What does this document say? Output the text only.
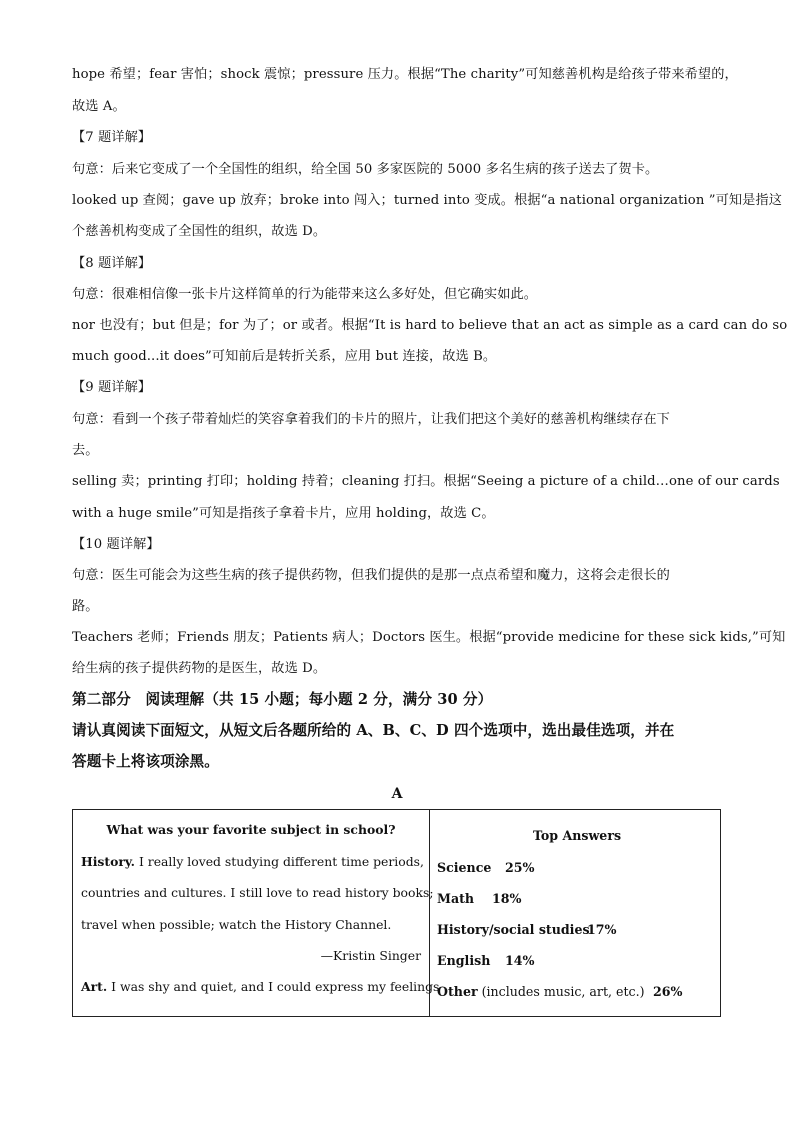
hope 希望；fear 害怕；shock 震惊；pressure 压力。根据“The charity”可知慈善机构是给孩子带来希望的，
故选 A。
【7 题详解】
句意：后来它变成了一个全国性的组织，给全国 50 多家医院的 5000 多名生病的孩子送去了贺卡。
looked up 查阅；gave up 放弃；broke into 闯入；turned into 变成。根据“a national organization ”可知是指这
个慈善机构变成了全国性的组织，故选 D。
【8 题详解】
句意：很难相信像一张卡片这样简单的行为能带来这么多好处，但它确实如此。
nor 也没有；but 但是；for 为了；or 或者。根据“It is hard to believe that an act as simple as a card can do so
much good...it does”可知前后是转折关系，应用 but 连接，故选 B。
【9 题详解】
句意：看到一个孩子带着灿烂的笑容拿着我们的卡片的照片，让我们把这个美好的慈善机构继续存在下
去。
selling 卖；printing 打印；holding 持着；cleaning 打扫。根据“Seeing a picture of a child…one of our cards
with a huge smile”可知是指孩子拿着卡片，应用 holding，故选 C。
【10 题详解】
句意：医生可能会为这些生病的孩子提供药物，但我们提供的是那一点点希望和魔力，这将会走很长的
路。
Teachers 老师；Friends 朋友；Patients 病人；Doctors 医生。根据“provide medicine for these sick kids,”可知
给生病的孩子提供药物的是医生，故选 D。
第二部分　阅读理解（共 15 小题；每小题 2 分，满分 30 分）
请认真阅读下面短文，从短文后各题所给的 A、B、C、D 四个选项中，选出最佳选项，并在
答题卡上将该项涂黑。
A
What was your favorite subject in school?
History. I really loved studying different time periods,
countries and cultures. I still love to read history books;
travel when possible; watch the History Channel.
—Kristin Singer
Art. I was shy and quiet, and I could express my feelings
Top Answers
Science 25%
Math 18%
History/social studies
17%
English 14%
Other (includes music, art, etc.) 26%
